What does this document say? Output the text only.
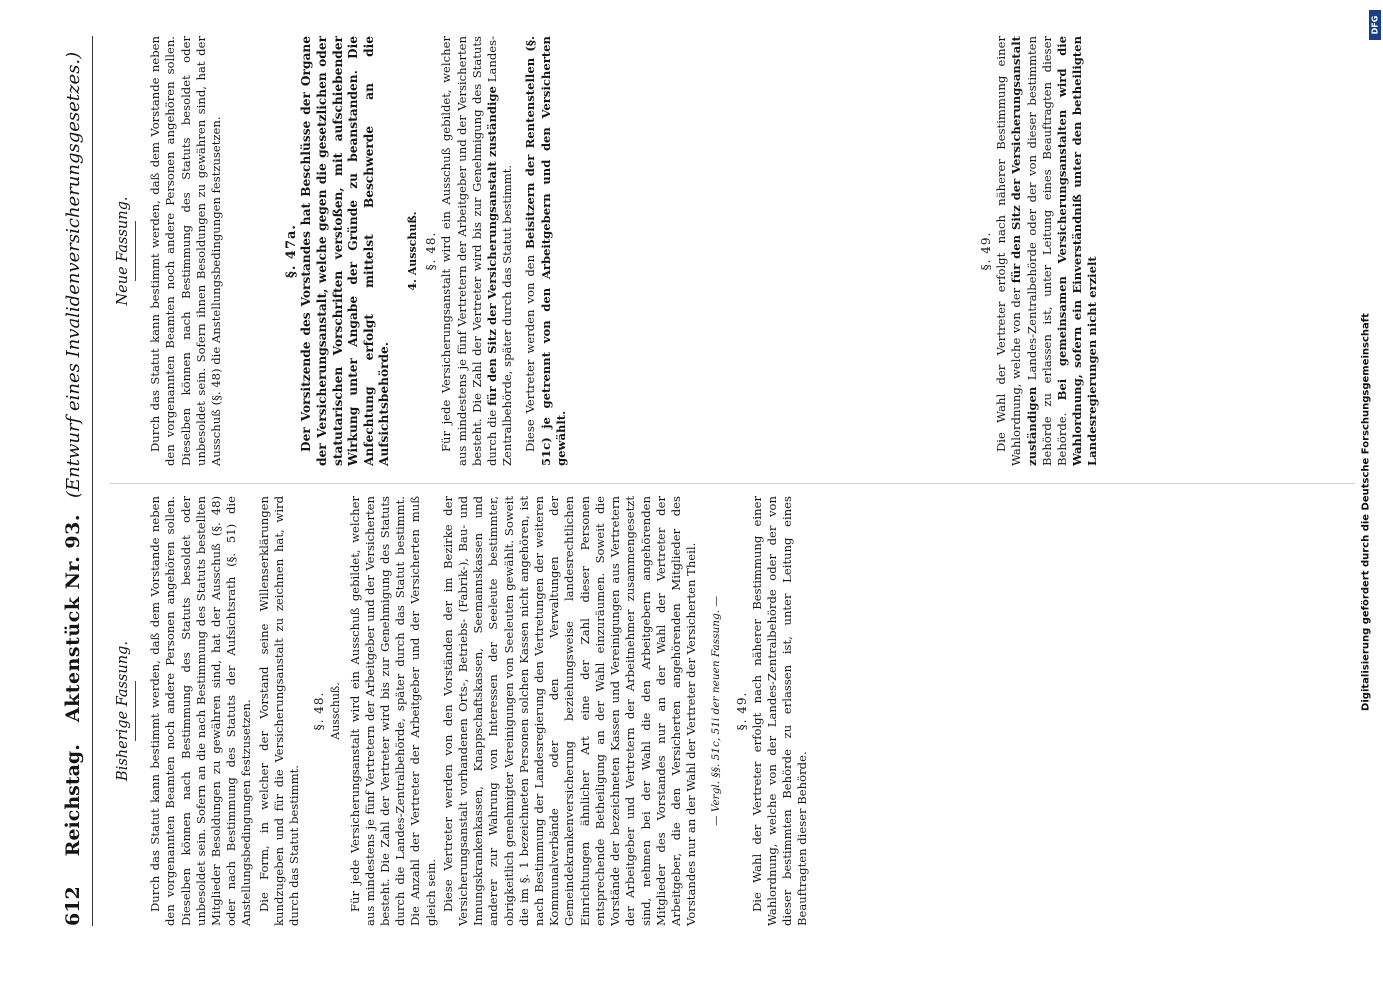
612
Reichstag.
Aktenstück Nr. 93.
(Entwurf eines Invalidenversicherungsgesetzes.)
Bisherige Fassung. Durch das Statut kann bestimmt werden, daß dem Vorstande neben den vorgenannten Beamten noch andere Personen angehören sollen. Dieselben können nach Bestimmung des Statuts besoldet oder unbesoldet sein. Sofern an die nach Bestimmung des Statuts bestellten Mitglieder Besoldungen zu gewähren sind, hat der Ausschuß (§. 48) oder nach Bestimmung des Statuts der Aufsichtsrath (§. 51) die Anstellungsbedingungen festzusetzen. Die Form, in welcher der Vorstand seine Willenserklärungen kundzugeben und für die Versicherungsanstalt zu zeichnen hat, wird durch das Statut bestimmt.

§. 48. Ausschuß. Für jede Versicherungsanstalt wird ein Ausschuß gebildet, welcher aus mindestens je fünf Vertretern der Arbeitgeber und der Versicherten besteht. Die Zahl der Vertreter wird bis zur Genehmigung des Statuts durch die Landes-Zentralbehörde, später durch das Statut bestimmt. Die Anzahl der Vertreter der Arbeitgeber und der Versicherten muß gleich sein. Diese Vertreter werden von den Vorständen der im Bezirke der Versicherungsanstalt vorhandenen Orts-, Betriebs- (Fabrik-), Bau- und Innungskrankenkassen, Knappschaftskassen, Seemannskassen und anderer zur Wahrung von Interessen der Seeleute bestimmter, obrigkeitlich genehmigter Vereinigungen von Seeleuten gewählt. Soweit die im §. 1 bezeichneten Personen solchen Kassen nicht angehören, ist nach Bestimmung der Landesregierung den Vertretungen der weiteren Kommunalverbände oder den Verwaltungen der Gemeindekrankenversicherung beziehungsweise landesrechtlichen Einrichtungen ähnlicher Art eine der Zahl dieser Personen entsprechende Betheiligung an der Wahl einzuräumen. Soweit die Vorstände der bezeichneten Kassen und Vereinigungen aus Vertretern der Arbeitgeber und Vertretern der Arbeitnehmer zusammengesetzt sind, nehmen bei der Wahl die den Arbeitgebern angehörenden Mitglieder des Vorstandes nur an der Wahl der Vertreter der Arbeitgeber, die den Versicherten angehörenden Mitglieder des Vorstandes nur an der Wahl der Vertreter der Versicherten Theil. — Vergl. §§. 51c, 51i der neuen Fassung. — §. 49. Die Wahl der Vertreter erfolgt nach näherer Bestimmung einer Wahlordnung, welche von der Landes-Zentralbehörde oder der von dieser bestimmten Behörde zu erlassen ist, unter Leitung eines Beauftragten dieser Behörde.

Neue Fassung. Durch das Statut kann bestimmt werden, daß dem Vorstande neben den vorgenannten Beamten noch andere Personen angehören sollen. Dieselben können nach Bestimmung des Statuts besoldet oder unbesoldet sein. Sofern ihnen Besoldungen zu gewähren sind, hat der Ausschuß (§. 48) die Anstellungsbedingungen festzusetzen.	§. 47a. Der Vorsitzende des Vorstandes hat Beschlüsse der Organe der Versicherungsanstalt, welche gegen die gesetzlichen oder statutarischen Vorschriften verstoßen, mit aufschiebender Wirkung unter Angabe der Gründe zu beanstanden. Die Anfechtung erfolgt mittelst Beschwerde an die Aufsichtsbehörde.

4. Ausschuß. §. 48. Für jede Versicherungsanstalt wird ein Ausschuß gebildet, welcher aus mindestens je fünf Vertretern der Arbeitgeber und der Versicherten besteht. Die Zahl der Vertreter wird bis zur Genehmigung des Statuts durch die für den Sitz der Versicherungsanstalt zuständige Landes-Zentralbehörde, später durch das Statut bestimmt. Diese Vertreter werden von den Beisitzern der Rentenstellen (§. 51c) je getrennt von den Arbeitgebern und den Versicherten gewählt.

§. 49. Die Wahl der Vertreter erfolgt nach näherer Bestimmung einer Wahlordnung, welche von der für den Sitz der Versicherungsanstalt zuständigen Landes-Zentralbehörde oder der von dieser bestimmten Behörde zu erlassen ist, unter Leitung eines Beauftragten dieser Behörde. Bei gemeinsamen Versicherungsanstalten wird die Wahlordnung, sofern ein Einverständniß unter den betheiligten Landesregierungen nicht erzielt

DFG
Digitalisierung gefördert durch die Deutsche Forschungsgemeinschaft
